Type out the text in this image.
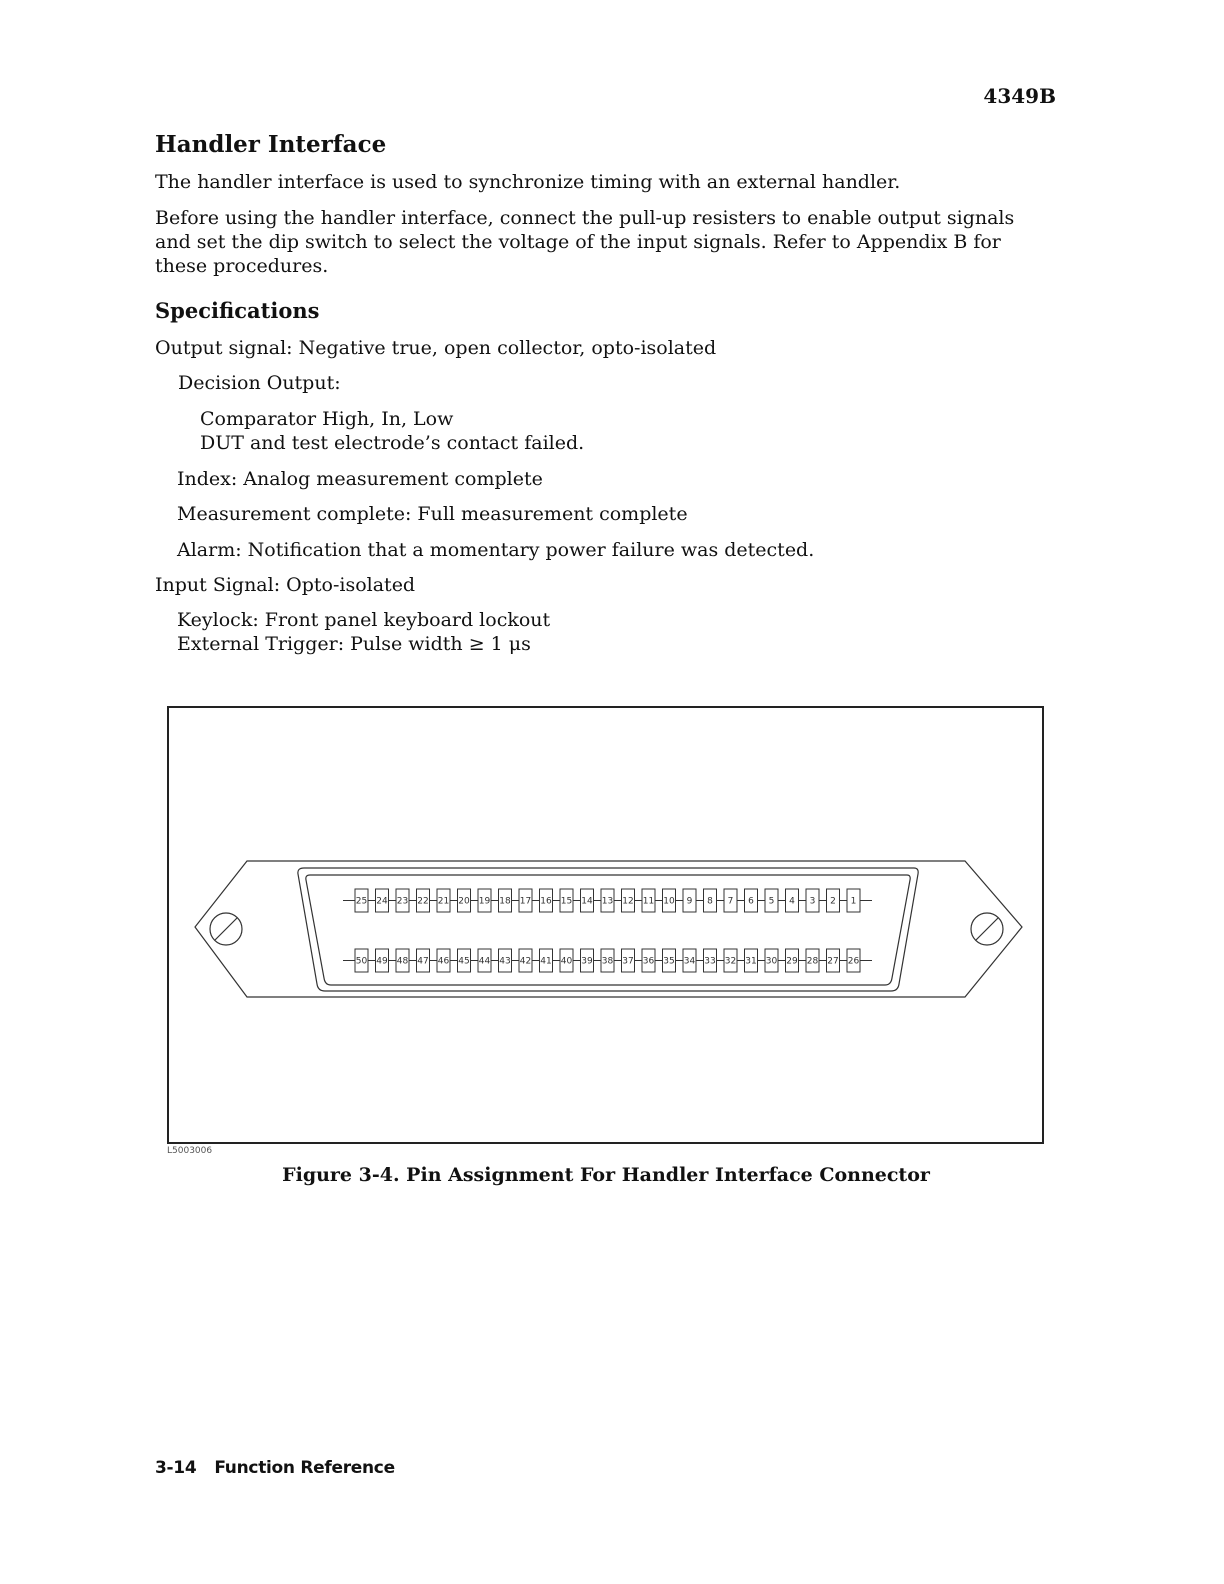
4349B
Handler Interface
The handler interface is used to synchronize timing with an external handler.
Before using the handler interface, connect the pull-up resisters to enable output signals and set the dip switch to select the voltage of the input signals. Refer to Appendix B for these procedures.
Specifications
Output signal: Negative true, open collector, opto-isolated
Decision Output:
Comparator High, In, Low
DUT and test electrode’s contact failed.
Index: Analog measurement complete
Measurement complete: Full measurement complete
Alarm: Notification that a momentary power failure was detected.
Input Signal: Opto-isolated
Keylock: Front panel keyboard lockout
External Trigger: Pulse width ≥ 1 μs
25 24 23 22 21 20 19 18 17 16 15 14 13 12 11 10 9 8 7 6 5 4 3 2 1
50 49 48 47 46 45 44 43 42 41 40 39 38 37 36 35 34 33 32 31 30 29 28 27 26
L5003006
Figure 3-4. Pin Assignment For Handler Interface Connector
3-14 Function Reference
